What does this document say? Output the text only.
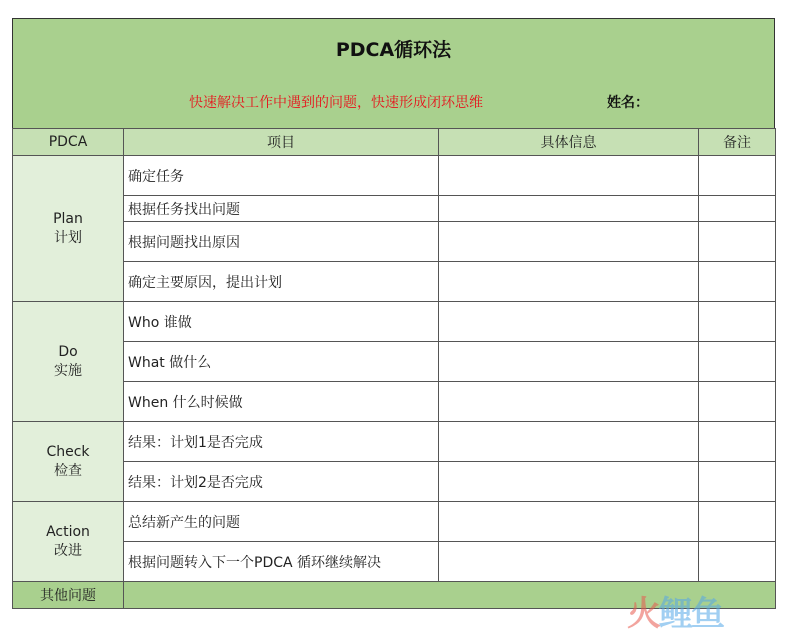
PDCA循环法
快速解决工作中遇到的问题，快速形成闭环思维	姓名：
PDCA	项目	具体信息	备注

Plan
计划	确定任务		
	根据任务找出问题		
	根据问题找出原因		
	确定主要原因，提出计划		

Do
实施	Who 谁做		
	What 做什么		
	When 什么时候做		

Check
检查	结果：计划1是否完成		
	结果：计划2是否完成		

Action
改进	总结新产生的问题		
	根据问题转入下一个PDCA 循环继续解决		
其他问题				火鲤鱼
